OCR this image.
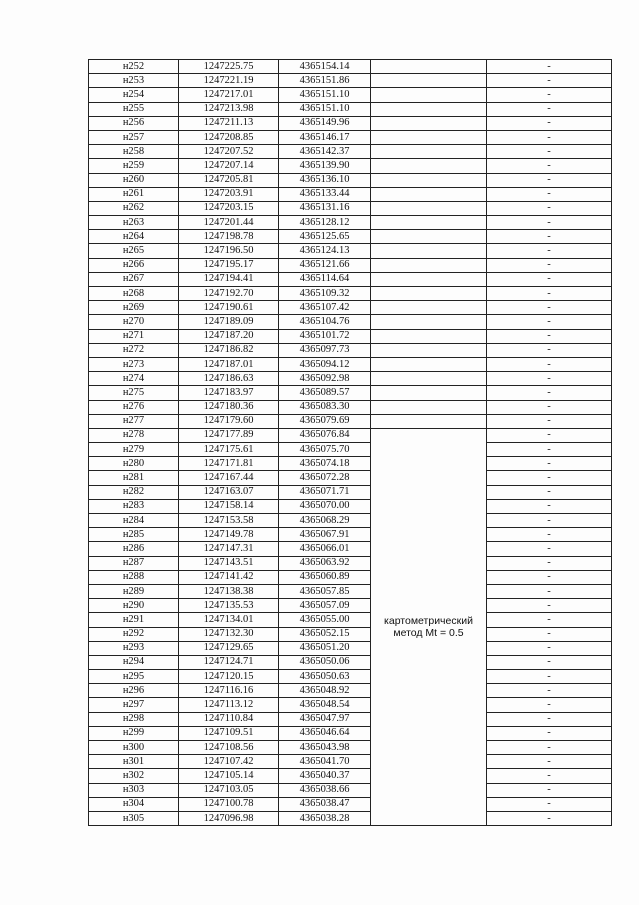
н252	1247225.75	4365154.14		-
н253	1247221.19	4365151.86		-
н254	1247217.01	4365151.10		-
н255	1247213.98	4365151.10		-
н256	1247211.13	4365149.96		-
н257	1247208.85	4365146.17		-
н258	1247207.52	4365142.37		-
н259	1247207.14	4365139.90		-
н260	1247205.81	4365136.10		-
н261	1247203.91	4365133.44		-
н262	1247203.15	4365131.16		-
н263	1247201.44	4365128.12		-
н264	1247198.78	4365125.65		-
н265	1247196.50	4365124.13		-
н266	1247195.17	4365121.66		-
н267	1247194.41	4365114.64		-
н268	1247192.70	4365109.32		-
н269	1247190.61	4365107.42		-
н270	1247189.09	4365104.76		-
н271	1247187.20	4365101.72		-
н272	1247186.82	4365097.73		-
н273	1247187.01	4365094.12		-
н274	1247186.63	4365092.98		-
н275	1247183.97	4365089.57		-
н276	1247180.36	4365083.30		-
н277	1247179.60	4365079.69		-
н278	1247177.89	4365076.84	картометрический
метод Mt = 0.5	-
н279	1247175.61	4365075.70		-
н280	1247171.81	4365074.18		-
н281	1247167.44	4365072.28		-
н282	1247163.07	4365071.71		-
н283	1247158.14	4365070.00		-
н284	1247153.58	4365068.29		-
н285	1247149.78	4365067.91		-
н286	1247147.31	4365066.01		-
н287	1247143.51	4365063.92		-
н288	1247141.42	4365060.89		-
н289	1247138.38	4365057.85		-
н290	1247135.53	4365057.09		-
н291	1247134.01	4365055.00		-
н292	1247132.30	4365052.15		-
н293	1247129.65	4365051.20		-
н294	1247124.71	4365050.06		-
н295	1247120.15	4365050.63		-
н296	1247116.16	4365048.92		-
н297	1247113.12	4365048.54		-
н298	1247110.84	4365047.97		-
н299	1247109.51	4365046.64		-
н300	1247108.56	4365043.98		-
н301	1247107.42	4365041.70		-
н302	1247105.14	4365040.37		-
н303	1247103.05	4365038.66		-
н304	1247100.78	4365038.47		-
н305	1247096.98	4365038.28		-
